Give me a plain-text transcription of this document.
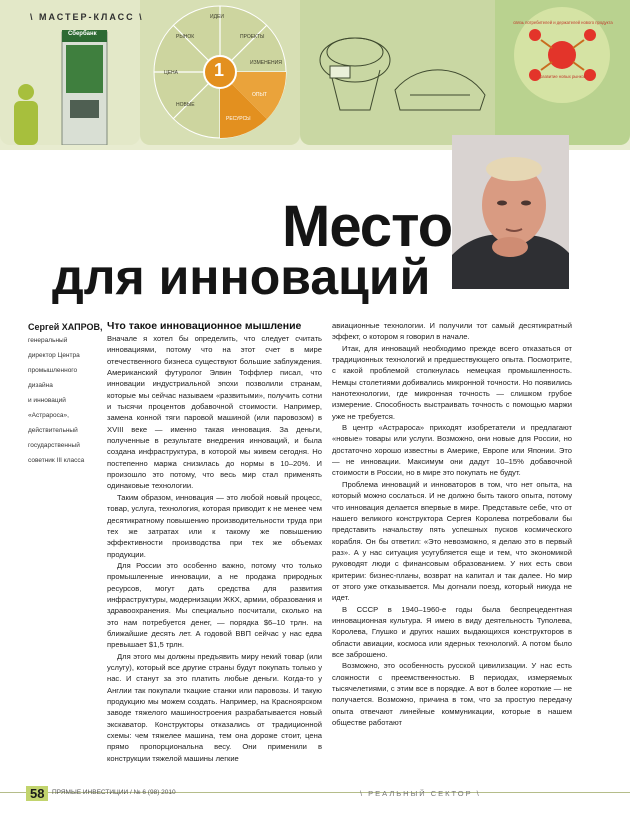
Сбербанк
1
ИДЕИ
ПРОЕКТЫ
ИЗМЕНЕНИЯ
ОПЫТ
РЕСУРСЫ
НОВЫЕ
ЦЕНА
РЫНОК
связь потребителей и держателей нового продукта
развитие новых рынков
\ МАСТЕР-КЛАСС \
Место
для инноваций
Сергей ХАПРОВ,
генеральный
директор Центра
промышленного
дизайна
и инноваций
«Астрароса»,
действительный
государственный
советник III класса
Что такое инновационное мышление

Вначале я хотел бы определить, что следует считать инновациями, потому что на этот счет в мире отечественного бизнеса существуют большие заблуждения. Американский футуролог Элвин Тоффлер писал, что инновации индустриальной эпохи позволили странам, которые мы сейчас называем «развитыми», получить сотни и тысячи процентов добавочной стоимости. Например, замена конной тяги паровой машиной (или паровозом) в XVIII веке — именно такая инновация. За деньги, полученные в результате внедрения инноваций, и была создана инфраструктура, в которой мы живем сегодня. Но постепенно маржа снизилась до нормы в 10–20%. И произошло это потому, что весь мир стал применять одинаковые технологии.

Таким образом, инновация — это любой новый процесс, товар, услуга, технология, которая приводит к не менее чем десятикратному повышению производительности труда при тех же затратах или к такому же повышению эффективности производства при тех же объемах продукции.

Для России это особенно важно, потому что только промышленные инновации, а не продажа природных ресурсов, могут дать средства для развития инфраструктуры, модернизации ЖКХ, армии, образования и здравоохранения. Мы специально посчитали, сколько на это нам потребуется денег, — порядка $6–10 трлн. на ближайшие десять лет. А годовой ВВП сейчас у нас едва превышает $1,5 трлн.

Для этого мы должны предъявить миру некий товар (или услугу), который все другие страны будут покупать только у нас. И станут за это платить любые деньги. Когда-то у Англии так покупали ткацкие станки или паровозы. И такую продукцию мы можем создать. Например, на Красноярском заводе тяжелого машиностроения разрабатывается новый экскаватор. Конструкторы отказались от традиционной схемы: чем тяжелее машина, тем она дороже стоит, цена прямо пропорциональна весу. Они применили в конструкции тяжелой машины легкие

авиационные технологии. И получили тот самый десятикратный эффект, о котором я говорил в начале.

Итак, для инноваций необходимо прежде всего отказаться от традиционных технологий и предшествующего опыта. Посмотрите, с какой проблемой столкнулась немецкая промышленность. Немцы столетиями добивались микронной точности. Но появились нанотехнологии, где микронная точность — слишком грубое измерение. Способность выстраивать точность с помощью маржи уже не требуется.

В центр «Астрароса» приходят изобретатели и предлагают «новые» товары или услуги. Возможно, они новые для России, но достаточно хорошо известны в Америке, Европе или Японии. Это — не инновации. Максимум они дадут 10–15% добавочной стоимости в России, но в мире это покупать не будут.

Проблема инноваций и инноваторов в том, что нет опыта, на который можно сослаться. И не должно быть такого опыта, потому что инновация делается впервые в мире. Представьте себе, что от нашего великого конструктора Сергея Королева потребовали бы представить начальству пять успешных пусков космического корабля. Он бы ответил: «Это невозможно, я делаю это в первый раз». А у нас ситуация усугубляется еще и тем, что экономикой руководят люди с финансовым образованием. У них есть свои критерии: бизнес-планы, возврат на капитал и так далее. Но мир от этого уже отказывается. Мы догнали поезд, который никуда не идет.

В СССР в 1940–1960-е годы была беспрецедентная инновационная культура. Я имею в виду деятельность Туполева, Королева, Глушко и других наших выдающихся конструкторов в области авиации, космоса или ядерных технологий. А потом было все заброшено.

Возможно, это особенность русской цивилизации. У нас есть сложности с преемственностью. В периодах, измеряемых тысячелетиями, с этим все в порядке. А вот в более короткие — не получается. Возможно, причина в том, что за простую передачу опыта отвечают линейные коммуникации, которые в нашем обществе работают

58	ПРЯМЫЕ ИНВЕСТИЦИИ / № 6 (98) 2010	\ РЕАЛЬНЫЙ СЕКТОР \
